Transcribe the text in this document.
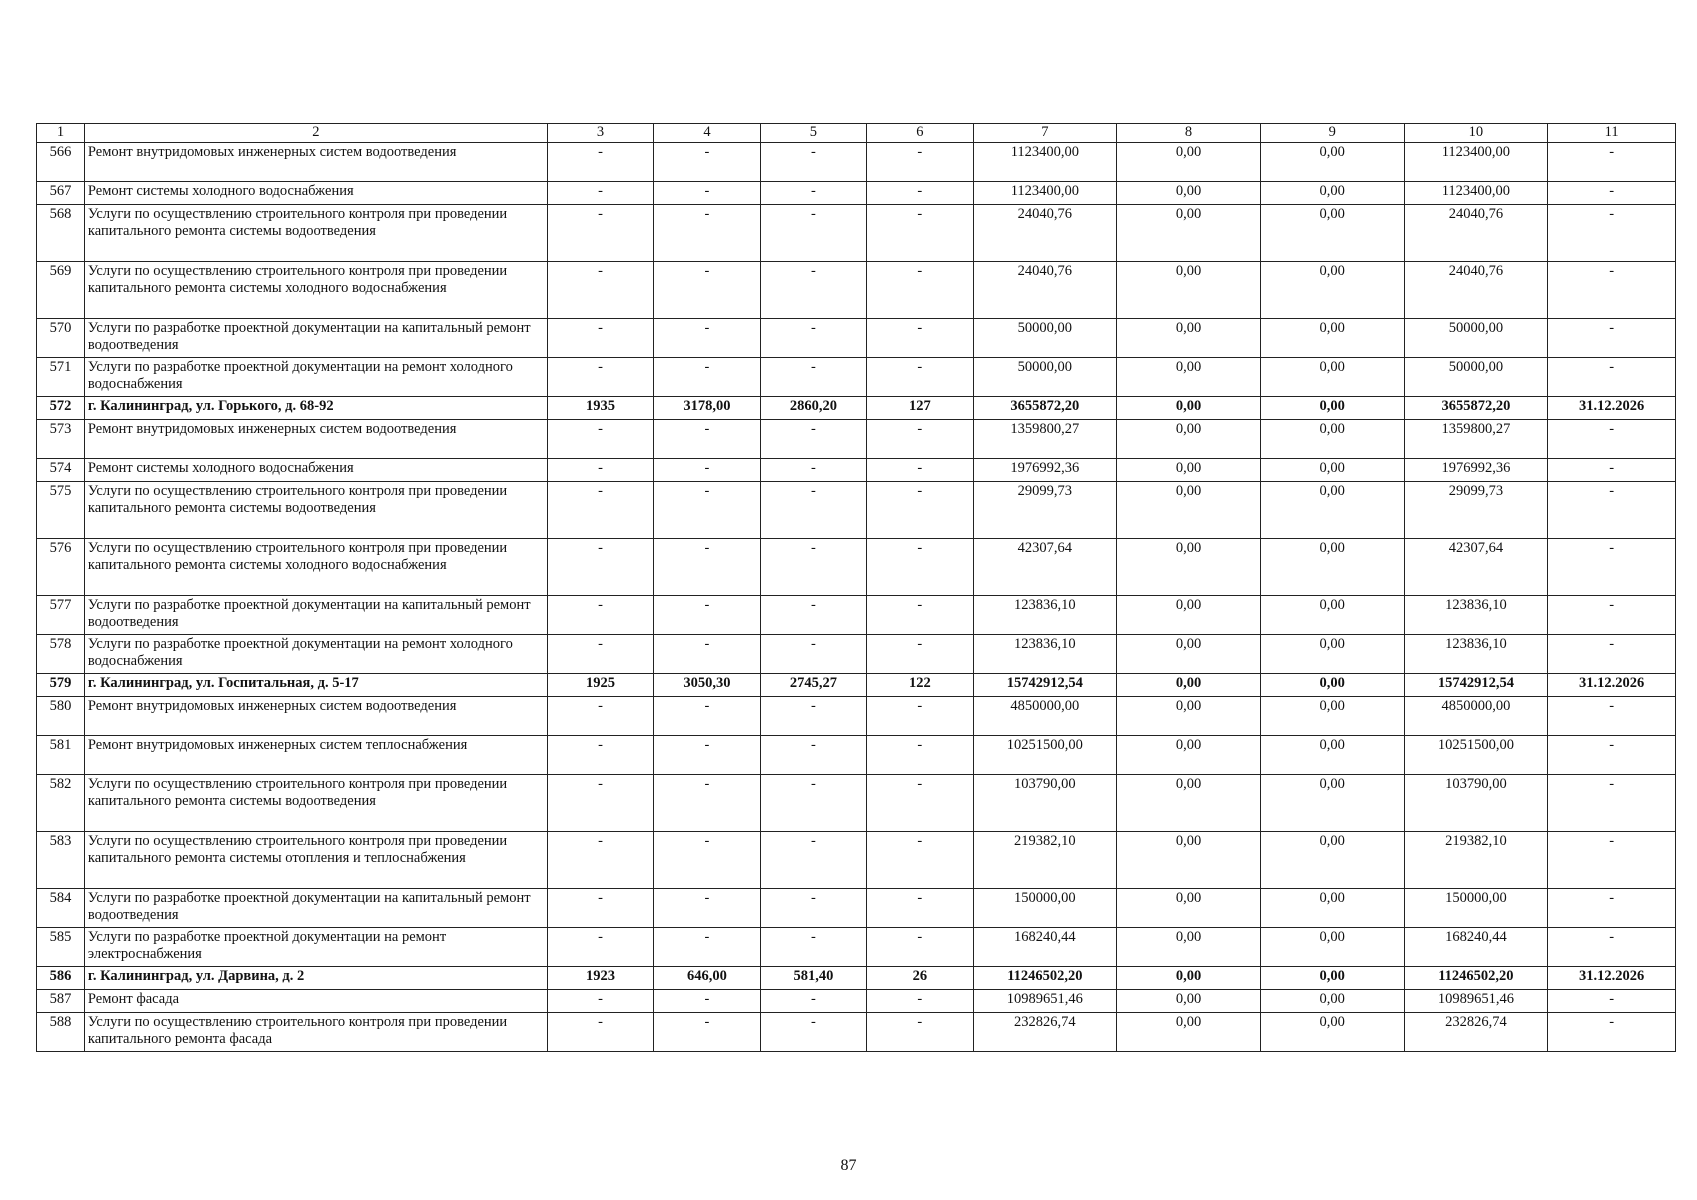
1	2	3	4	5	6	7	8	9	10	11
566	Ремонт внутридомовых инженерных систем водоотведения	-	-	-	-	1123400,00	0,00	0,00	1123400,00	-
567	Ремонт системы холодного водоснабжения	-	-	-	-	1123400,00	0,00	0,00	1123400,00	-
568	Услуги по осуществлению строительного контроля при проведении капитального ремонта системы водоотведения	-	-	-	-	24040,76	0,00	0,00	24040,76	-
569	Услуги по осуществлению строительного контроля при проведении капитального ремонта системы холодного водоснабжения	-	-	-	-	24040,76	0,00	0,00	24040,76	-
570	Услуги по разработке проектной документации на капитальный ремонт водоотведения	-	-	-	-	50000,00	0,00	0,00	50000,00	-
571	Услуги по разработке проектной документации на ремонт холодного водоснабжения	-	-	-	-	50000,00	0,00	0,00	50000,00	-
572	г. Калининград, ул. Горького, д. 68-92	1935	3178,00	2860,20	127	3655872,20	0,00	0,00	3655872,20	31.12.2026
573	Ремонт внутридомовых инженерных систем водоотведения	-	-	-	-	1359800,27	0,00	0,00	1359800,27	-
574	Ремонт системы холодного водоснабжения	-	-	-	-	1976992,36	0,00	0,00	1976992,36	-
575	Услуги по осуществлению строительного контроля при проведении капитального ремонта системы водоотведения	-	-	-	-	29099,73	0,00	0,00	29099,73	-
576	Услуги по осуществлению строительного контроля при проведении капитального ремонта системы холодного водоснабжения	-	-	-	-	42307,64	0,00	0,00	42307,64	-
577	Услуги по разработке проектной документации на капитальный ремонт водоотведения	-	-	-	-	123836,10	0,00	0,00	123836,10	-
578	Услуги по разработке проектной документации на ремонт холодного водоснабжения	-	-	-	-	123836,10	0,00	0,00	123836,10	-
579	г. Калининград, ул. Госпитальная, д. 5-17	1925	3050,30	2745,27	122	15742912,54	0,00	0,00	15742912,54	31.12.2026
580	Ремонт внутридомовых инженерных систем водоотведения	-	-	-	-	4850000,00	0,00	0,00	4850000,00	-
581	Ремонт внутридомовых инженерных систем теплоснабжения	-	-	-	-	10251500,00	0,00	0,00	10251500,00	-
582	Услуги по осуществлению строительного контроля при проведении капитального ремонта системы водоотведения	-	-	-	-	103790,00	0,00	0,00	103790,00	-
583	Услуги по осуществлению строительного контроля при проведении капитального ремонта системы отопления и теплоснабжения	-	-	-	-	219382,10	0,00	0,00	219382,10	-
584	Услуги по разработке проектной документации на капитальный ремонт водоотведения	-	-	-	-	150000,00	0,00	0,00	150000,00	-
585	Услуги по разработке проектной документации на ремонт электроснабжения	-	-	-	-	168240,44	0,00	0,00	168240,44	-
586	г. Калининград, ул. Дарвина, д. 2	1923	646,00	581,40	26	11246502,20	0,00	0,00	11246502,20	31.12.2026
587	Ремонт фасада	-	-	-	-	10989651,46	0,00	0,00	10989651,46	-
588	Услуги по осуществлению строительного контроля при проведении капитального ремонта фасада	-	-	-	-	232826,74	0,00	0,00	232826,74	-
87
